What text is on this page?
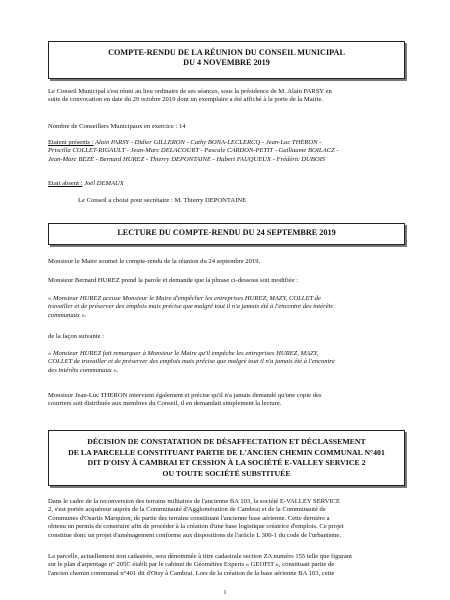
COMPTE-RENDU DE LA RÉUNION DU CONSEIL MUNICIPAL
DU 4 NOVEMBRE 2019
Le Conseil Municipal s'est réuni au lieu ordinaire de ses séances, sous la présidence de M. Alain PARSY en
suite de convocation en date du 29 octobre 2019 dont un exemplaire a été affiché à la porte de la Mairie.
Nombre de Conseillers Municipaux en exercice : 14
Etaient présents : Alain PARSY - Didier GILLERON - Cathy BONA-LECLERCQ - Jean-Luc THÉRON -
Priscilla COLLET-RIGAULT - Jean-Marc DELACOURT - Pascale CARDON-PETIT - Guillaume BOILACZ -
Jean-Marc BÉZÉ - Bernard HUREZ - Thierry DEPONTAINE - Hubert FAUQUEUX - Frédéric DUBOIS
Etait absent : Joël DEMAUX
Le Conseil a choisi pour secrétaire : M. Thierry DEPONTAINE
LECTURE DU COMPTE-RENDU DU 24 SEPTEMBRE 2019
Monsieur le Maire soumet le compte-rendu de la réunion du 24 septembre 2019.
Monsieur Bernard HUREZ prend la parole et demande que la phrase ci-dessous soit modifiée :
« Monsieur HUREZ accuse Monsieur le Maire d'empêcher les entreprises HUREZ, MAZY, COLLET de
travailler et de préserver des emplois mais précise que malgré tout il n'a jamais été à l'encontre des intérêts
communaux ».
de la façon suivante :
« Monsieur HUREZ fait remarquer à Monsieur le Maire qu'il empêche les entreprises HUREZ, MAZY,
COLLET de travailler et de préserver des emplois mais précise que malgré tout il n'a jamais été à l'encontre
des intérêts communaux ».
Monsieur Jean-Luc THERON intervient également et précise qu'il n'a jamais demandé qu'une copie des
courriers soit distribuée aux membres du Conseil, il en demandait simplement la lecture.
DÉCISION DE CONSTATATION DE DÉSAFFECTATION ET DÉCLASSEMENT
DE LA PARCELLE CONSTITUANT PARTIE DE L'ANCIEN CHEMIN COMMUNAL N°401
DIT D'OISY À CAMBRAI ET CESSION À LA SOCIÉTÉ E-VALLEY SERVICE 2
OU TOUTE SOCIÉTÉ SUBSTITUÉE
Dans le cadre de la reconversion des terrains militaires de l'ancienne BA 103, la société E-VALLEY SERVICE
2, s'est portée acquéreur auprès de la Communauté d'Agglomération de Cambrai et de la Communauté de
Communes d'Osartis Marquion, de partie des terrains constituant l'ancienne base aérienne. Cette dernière a
obtenu un permis de construire afin de procéder à la création d'une base logistique créatrice d'emplois. Ce projet
constitue donc un projet d'aménagement conforme aux dispositions de l'article L 300-1 du code de l'urbanisme.
La parcelle, actuellement non cadastrée, sera dénommée à titre cadastrale section ZA numéro 155 telle que figurant
sur le plan d'arpentage n° 205C établi par le cabinet de Géomètres Experts « GEOFIT », constituait partie de
l'ancien chemin communal n°401 dit d'Oisy à Cambrai. Lors de la création de la base aérienne BA 103, cette
1
